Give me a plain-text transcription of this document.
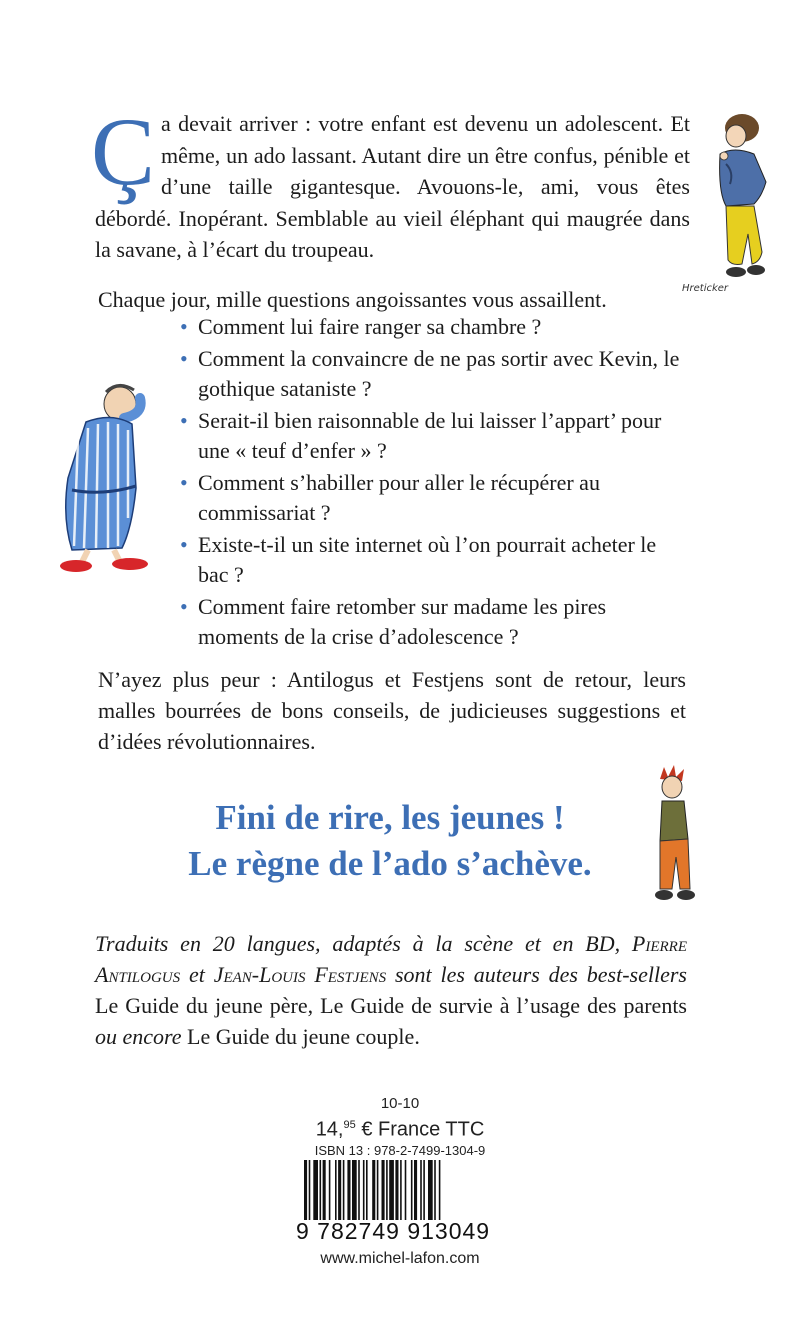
Ç a devait arriver : votre enfant est devenu un adolescent. Et même, un ado lassant. Autant dire un être confus, pénible et d’une taille gigantesque. Avouons-le, ami, vous êtes débordé. Inopérant. Semblable au vieil éléphant qui maugrée dans la savane, à l’écart du troupeau.

Hreticker

Chaque jour, mille questions angoissantes vous assaillent.

• Comment lui faire ranger sa chambre ?
• Comment la convaincre de ne pas sortir avec Kevin, le gothique sataniste ?
• Serait-il bien raisonnable de lui laisser l’appart’ pour une « teuf d’enfer » ?
• Comment s’habiller pour aller le récupérer au commissariat ?
• Existe-t-il un site internet où l’on pourrait acheter le bac ?
• Comment faire retomber sur madame les pires moments de la crise d’adolescence ?

N’ayez plus peur : Antilogus et Festjens sont de retour, leurs malles bourrées de bons conseils, de judicieuses suggestions et d’idées révolutionnaires.

Fini de rire, les jeunes !
Le règne de l’ado s’achève.

Traduits en 20 langues, adaptés à la scène et en BD, Pierre Antilogus et Jean-Louis Festjens sont les auteurs des best-sellers Le Guide du jeune père, Le Guide de survie à l’usage des parents ou encore Le Guide du jeune couple.

10-10
14,95 € France TTC
ISBN 13 : 978-2-7499-1304-9
9 782749 913049
www.michel-lafon.com
